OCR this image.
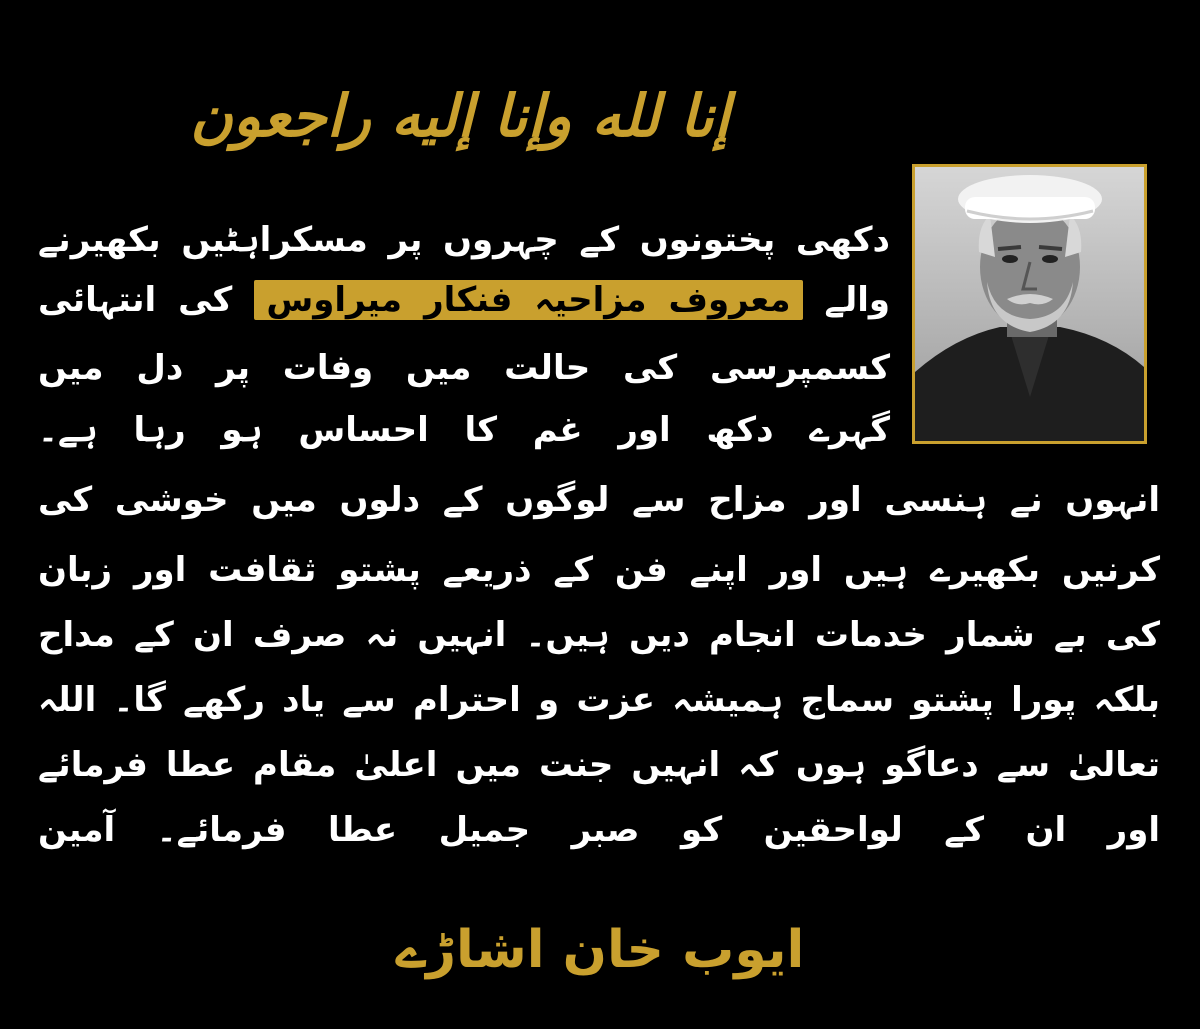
إنا لله وإنا إليه راجعون
دکھی پختونوں کے چہروں پر مسکراہٹیں بکھیرنے
والے معروف مزاحیہ فنکار میراوس کی انتہائی
کسمپرسی کی حالت میں وفات پر دل میں
گہرے دکھ اور غم کا احساس ہو رہا ہے۔
انہوں نے ہنسی اور مزاح سے لوگوں کے دلوں میں خوشی کی
کرنیں بکھیرے ہیں اور اپنے فن کے ذریعے پشتو ثقافت اور زبان
کی بے شمار خدمات انجام دیں ہیں۔ انہیں نہ صرف ان کے مداح
بلکہ پورا پشتو سماج ہمیشہ عزت و احترام سے یاد رکھے گا۔ اللہ
تعالیٰ سے دعاگو ہوں کہ انہیں جنت میں اعلیٰ مقام عطا فرمائے
اور ان کے لواحقین کو صبر جمیل عطا فرمائے۔ آمین
ایوب خان اشاڑے
